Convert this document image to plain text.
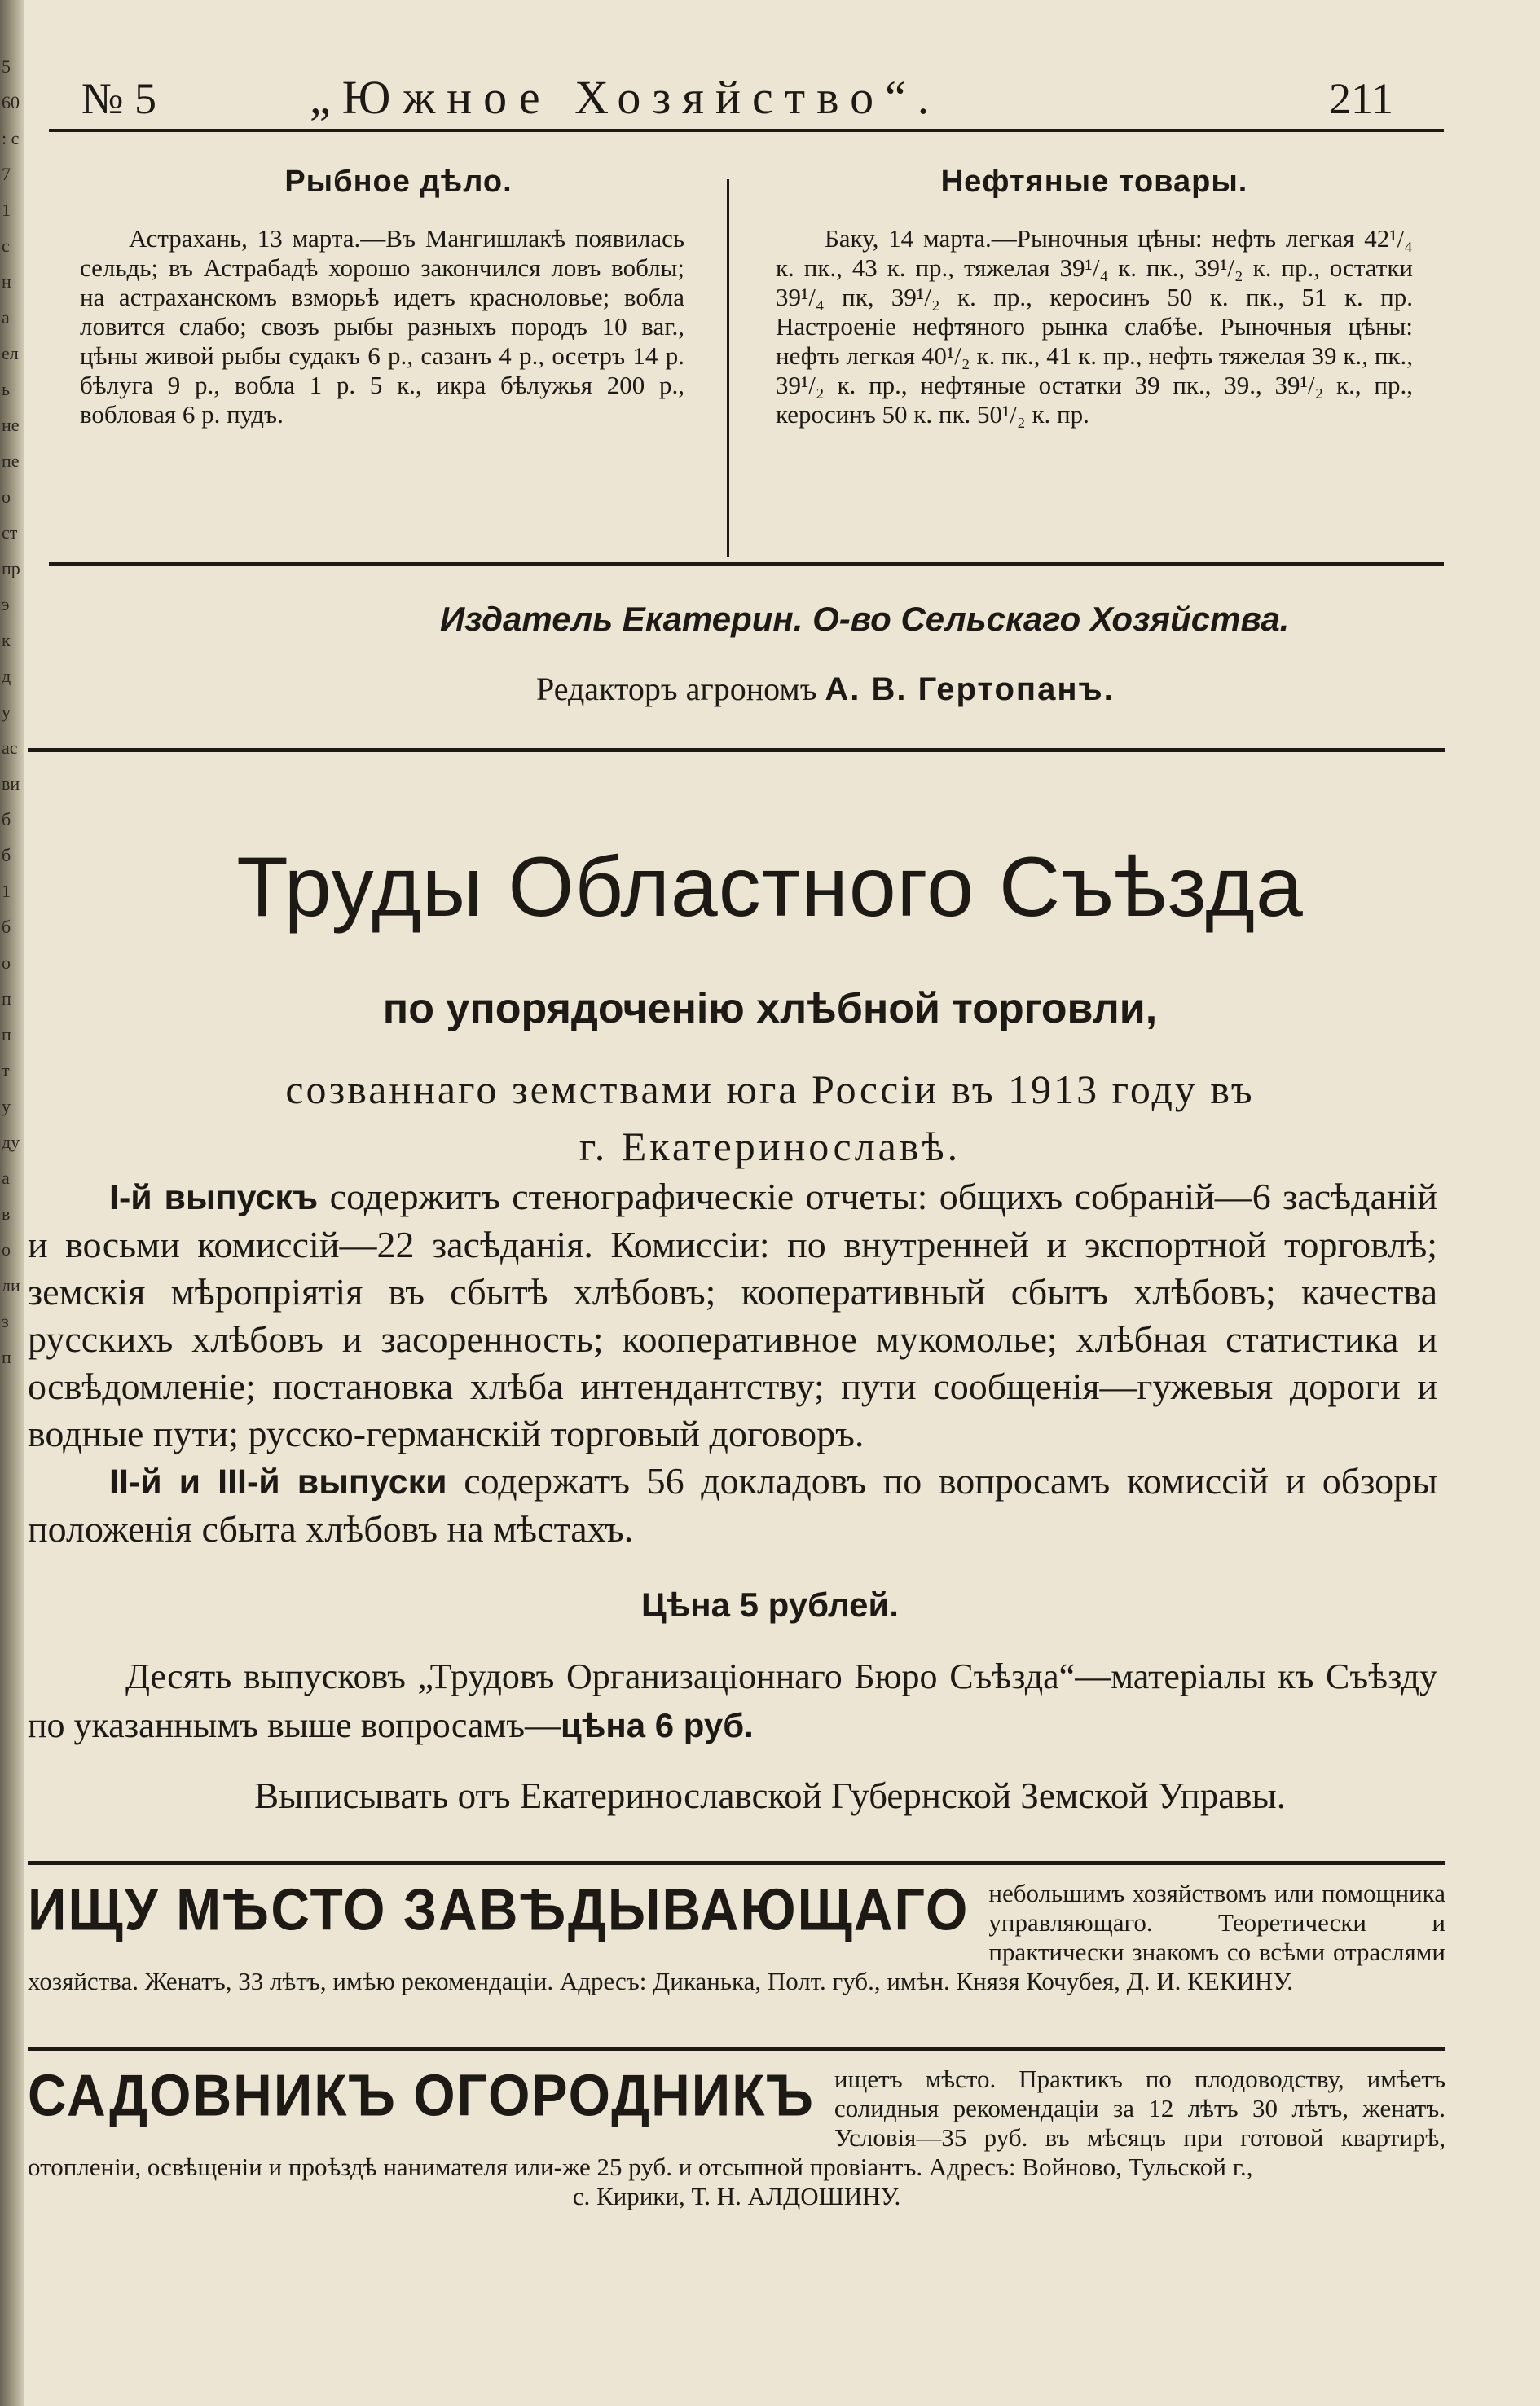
5 60 : с 7 1 с н а ель не пе о ст пр э к д у ас ви б б 1 б о п п т у ду а в о ли з п
№ 5	„Южное Хозяйство“.	211
Рыбное дѣло.

Астрахань, 13 марта.—Въ Мангишлакѣ появилась сельдь; въ Астрабадѣ хорошо закончился ловъ воблы; на астраханскомъ взморьѣ идетъ красноловье; вобла ловится слабо; свозъ рыбы разныхъ породъ 10 ваг., цѣны живой рыбы судакъ 6 р., сазанъ 4 р., осетръ 14 р. бѣлуга 9 р., вобла 1 р. 5 к., икра бѣлужья 200 р., вобловая 6 р. пудъ.

Нефтяные товары.

Баку, 14 марта.—Рыночныя цѣны: нефть легкая 42¹/₄ к. пк., 43 к. пр., тяжелая 39¹/₄ к. пк., 39¹/₂ к. пр., остатки 39¹/₄ пк, 39¹/₂ к. пр., керосинъ 50 к. пк., 51 к. пр. Настроеніе нефтяного рынка слабѣе. Рыночныя цѣны: нефть легкая 40¹/₂ к. пк., 41 к. пр., нефть тяжелая 39 к., пк., 39¹/₂ к. пр., нефтяные остатки 39 пк., 39., 39¹/₂ к., пр., керосинъ 50 к. пк. 50¹/₂ к. пр.

Издатель Екатерин. О-во Сельскаго Хозяйства.
Редакторъ агрономъ А. В. Гертопанъ.
Труды Областного Съѣзда
по упорядоченію хлѣбной торговли,
созваннаго земствами юга Россіи въ 1913 году въ
г. Екатеринославѣ.

I-й выпускъ содержитъ стенографическіе отчеты: общихъ собраній—6 засѣданій и восьми комиссій—22 засѣданія. Комиссіи: по внутренней и экспортной торговлѣ; земскія мѣропріятія въ сбытѣ хлѣбовъ; кооперативный сбытъ хлѣбовъ; качества русскихъ хлѣбовъ и засоренность; кооперативное мукомолье; хлѣбная статистика и освѣдомленіе; постановка хлѣба интендантству; пути сообщенія—гужевыя дороги и водные пути; русско-германскій торговый договоръ.

II-й и III-й выпуски содержатъ 56 докладовъ по вопросамъ комиссій и обзоры положенія сбыта хлѣбовъ на мѣстахъ.

Цѣна 5 рублей.

Десять выпусковъ „Трудовъ Организаціоннаго Бюро Съѣзда“—матеріалы къ Съѣзду по указаннымъ выше вопросамъ—цѣна 6 руб.

Выписывать отъ Екатеринославской Губернской Земской Управы.
ИЩУ МѢСТО ЗАВѢДЫВАЮЩАГО небольшимъ хозяйствомъ или помощника управляющаго. Теоретически и практически знакомъ со всѣми отраслями хозяйства. Женатъ, 33 лѣтъ, имѣю рекомендаціи. Адресъ: Диканька, Полт. губ., имѣн. Князя Кочубея, Д. И. КЕКИНУ.
САДОВНИКЪ ОГОРОДНИКЪ ищетъ мѣсто. Практикъ по плодоводству, имѣетъ солидныя рекомендаціи за 12 лѣтъ 30 лѣтъ, женатъ. Условія—35 руб. въ мѣсяцъ при готовой квартирѣ, отопленіи, освѣщеніи и проѣздѣ нанимателя или-же 25 руб. и отсыпной провіантъ. Адресъ: Войново, Тульской г.,
с. Кирики, Т. Н. АЛДОШИНУ.
